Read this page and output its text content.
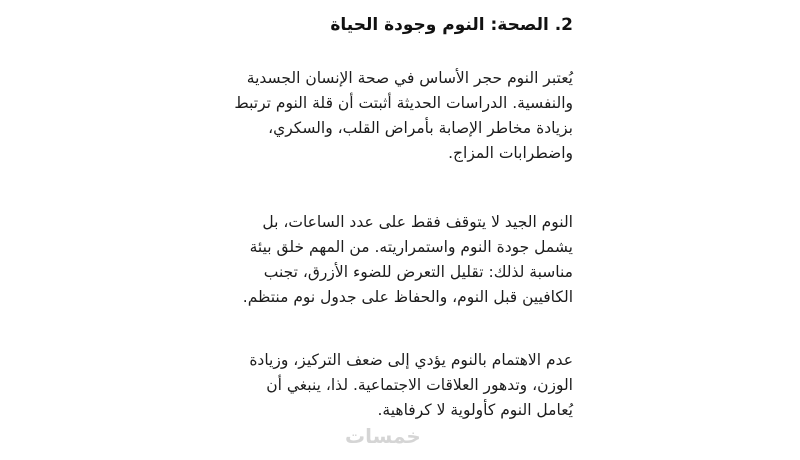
2. الصحة: النوم وجودة الحياة

يُعتبر النوم حجر الأساس في صحة الإنسان الجسدية
والنفسية. الدراسات الحديثة أثبتت أن قلة النوم ترتبط
بزيادة مخاطر الإصابة بأمراض القلب، والسكري،
واضطرابات المزاج.

النوم الجيد لا يتوقف فقط على عدد الساعات، بل
يشمل جودة النوم واستمراريته. من المهم خلق بيئة
مناسبة لذلك: تقليل التعرض للضوء الأزرق، تجنب
الكافيين قبل النوم، والحفاظ على جدول نوم منتظم.

عدم الاهتمام بالنوم يؤدي إلى ضعف التركيز، وزيادة
الوزن، وتدهور العلاقات الاجتماعية. لذا، ينبغي أن
يُعامل النوم كأولوية لا كرفاهية.

خمسات
